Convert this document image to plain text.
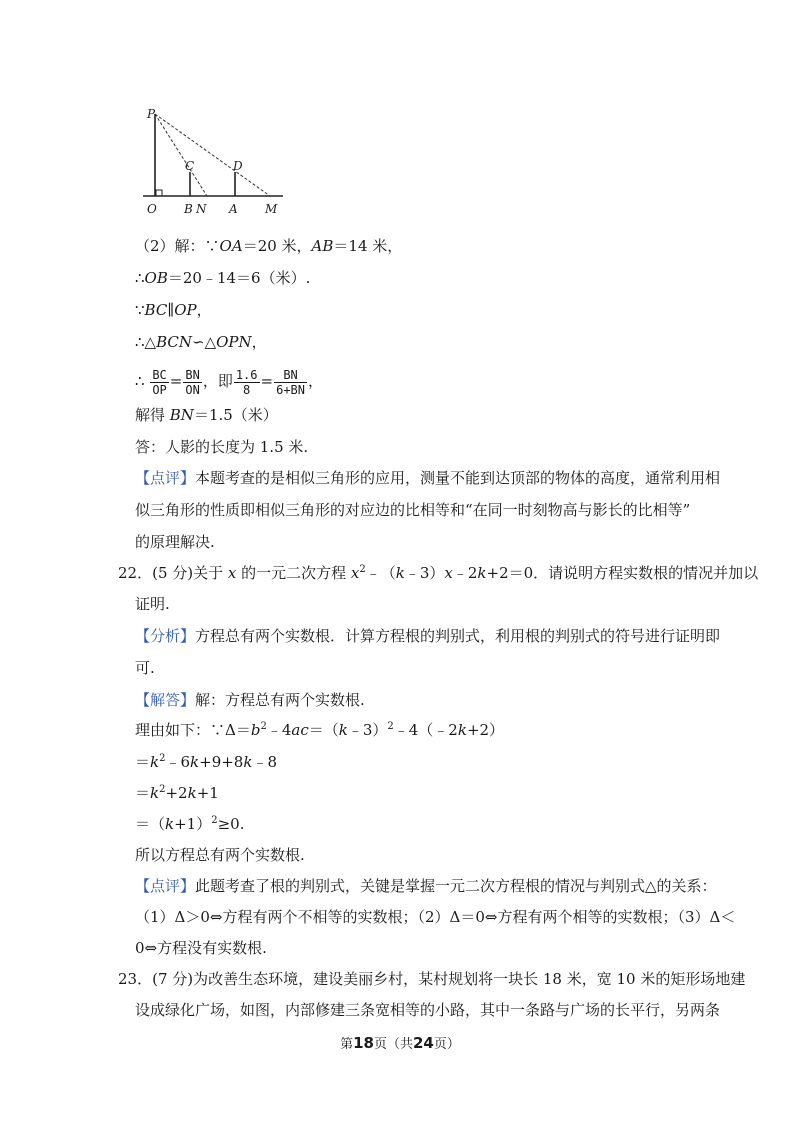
P
C	D
O B N A M
（2）解：∵OA＝20 米，AB＝14 米，
∴OB＝20﹣14＝6（米）.
∵BC∥OP，
∴△BCN∽△OPN，
∴ $\frac{BC}{OP} = \frac{BN}{ON}$ ，即 $\frac{1.6}{8} = \frac{BN}{6+BN}$ ，
解得 BN＝1.5（米）
答：人影的长度为 1.5 米.
【点评】本题考查的是相似三角形的应用，测量不能到达顶部的物体的高度，通常利用相
似三角形的性质即相似三角形的对应边的比相等和“在同一时刻物高与影长的比相等”
的原理解决.
22．(5 分)关于 x 的一元二次方程 $x^2﹣(k﹣3)x﹣2k+2=0$．请说明方程实数根的情况并加以
证明.
【分析】方程总有两个实数根．计算方程根的判别式，利用根的判别式的符号进行证明即
可.
【解答】解：方程总有两个实数根.
理由如下：$\because\Delta=b^2﹣4ac=(k﹣3)^2﹣4(﹣2k+2)$
$=k^2﹣6k+9+8k﹣8$
$=k^2+2k+1$
$=(k+1)^2\ge 0$.
所以方程总有两个实数根.
【点评】此题考查了根的判别式，关键是掌握一元二次方程根的情况与判别式△的关系：
（1）Δ＞0⇔方程有两个不相等的实数根；（2）Δ＝0⇔方程有两个相等的实数根；（3）Δ＜
0⇔方程没有实数根.
23．(7 分)为改善生态环境，建设美丽乡村，某村规划将一块长 18 米，宽 10 米的矩形场地建
设成绿化广场，如图，内部修建三条宽相等的小路，其中一条路与广场的长平行，另两条
第18页（共24页）
